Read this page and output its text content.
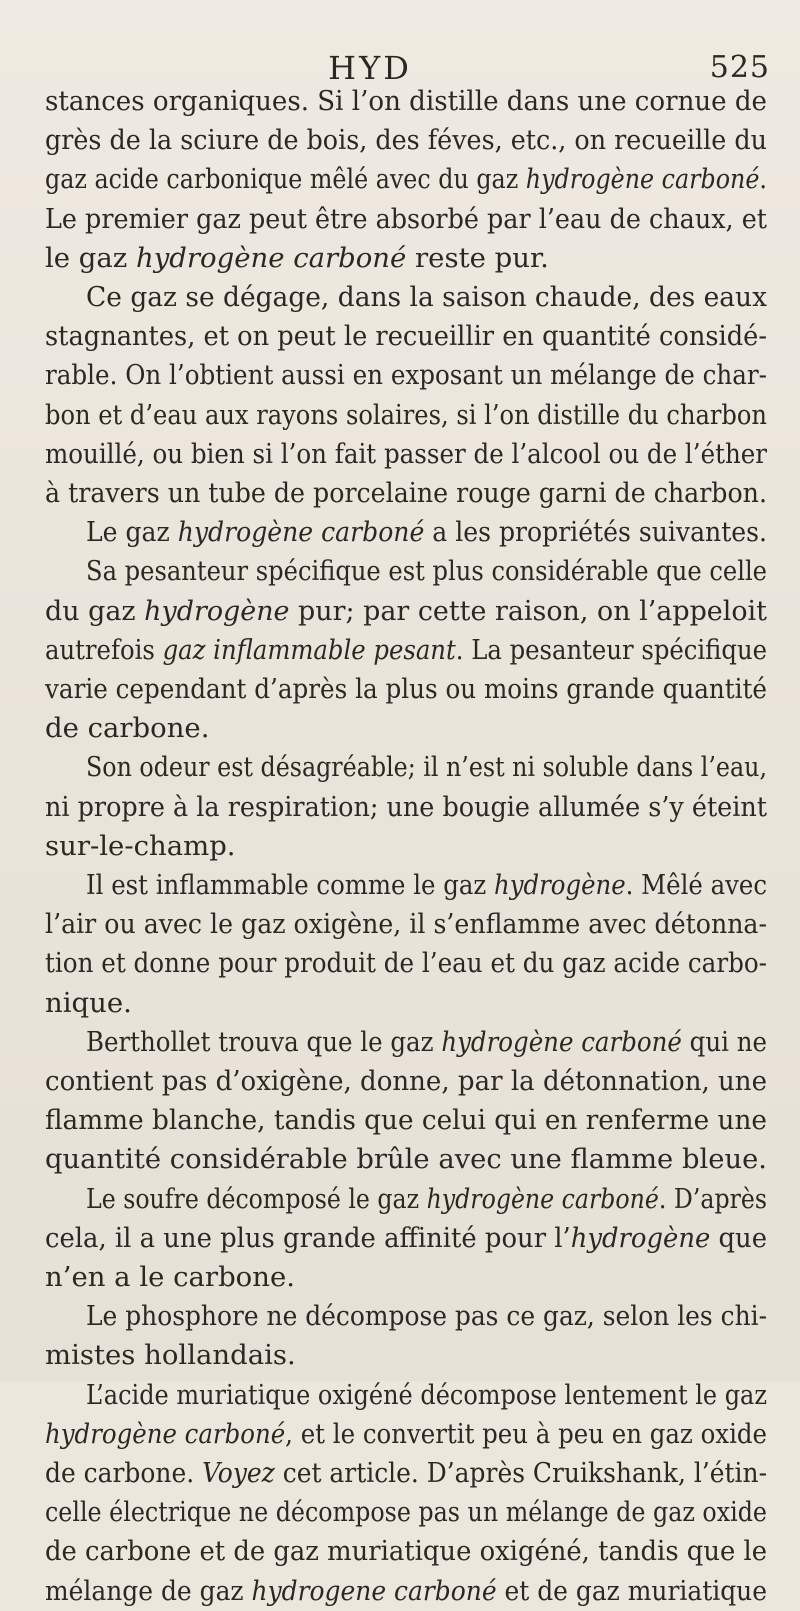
HYD	525
stances organiques. Si l’on distille dans une cornue de
grès de la sciure de bois, des féves, etc., on recueille du
gaz acide carbonique mêlé avec du gaz hydrogène carboné.
Le premier gaz peut être absorbé par l’eau de chaux, et
le gaz hydrogène carboné reste pur.
Ce gaz se dégage, dans la saison chaude, des eaux
stagnantes, et on peut le recueillir en quantité considé-
rable. On l’obtient aussi en exposant un mélange de char-
bon et d’eau aux rayons solaires, si l’on distille du charbon
mouillé, ou bien si l’on fait passer de l’alcool ou de l’éther
à travers un tube de porcelaine rouge garni de charbon.
Le gaz hydrogène carboné a les propriétés suivantes.
Sa pesanteur spécifique est plus considérable que celle
du gaz hydrogène pur; par cette raison, on l’appeloit
autrefois gaz inflammable pesant. La pesanteur spécifique
varie cependant d’après la plus ou moins grande quantité
de carbone.
Son odeur est désagréable; il n’est ni soluble dans l’eau,
ni propre à la respiration; une bougie allumée s’y éteint
sur-le-champ.
Il est inflammable comme le gaz hydrogène. Mêlé avec
l’air ou avec le gaz oxigène, il s’enflamme avec détonna-
tion et donne pour produit de l’eau et du gaz acide carbo-
nique.
Berthollet trouva que le gaz hydrogène carboné qui ne
contient pas d’oxigène, donne, par la détonnation, une
flamme blanche, tandis que celui qui en renferme une
quantité considérable brûle avec une flamme bleue.
Le soufre décomposé le gaz hydrogène carboné. D’après
cela, il a une plus grande affinité pour l’hydrogène que
n’en a le carbone.
Le phosphore ne décompose pas ce gaz, selon les chi-
mistes hollandais.
L’acide muriatique oxigéné décompose lentement le gaz
hydrogène carboné, et le convertit peu à peu en gaz oxide
de carbone. Voyez cet article. D’après Cruikshank, l’étin-
celle électrique ne décompose pas un mélange de gaz oxide
de carbone et de gaz muriatique oxigéné, tandis que le
mélange de gaz hydrogene carboné et de gaz muriatique
